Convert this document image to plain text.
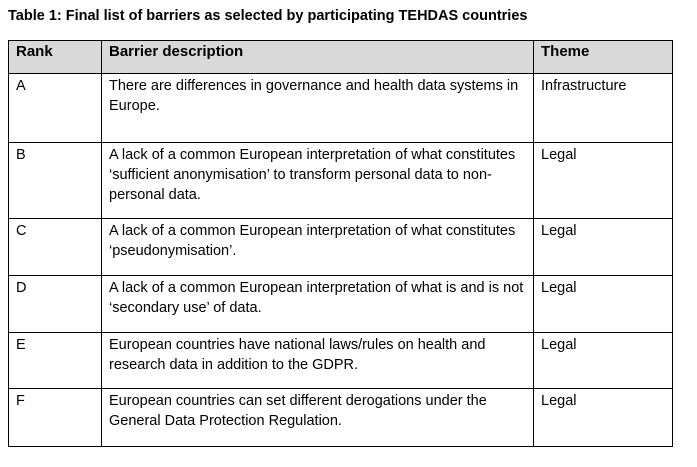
Table 1: Final list of barriers as selected by participating TEHDAS countries
Rank	Barrier description	Theme
A	There are differences in governance and health data systems in Europe.	Infrastructure
B	A lack of a common European interpretation of what constitutes ‘sufficient anonymisation’ to transform personal data to non-personal data.	Legal
C	A lack of a common European interpretation of what constitutes ‘pseudonymisation’.	Legal
D	A lack of a common European interpretation of what is and is not ‘secondary use’ of data.	Legal
E	European countries have national laws/rules on health and research data in addition to the GDPR.	Legal
F	European countries can set different derogations under the General Data Protection Regulation.	Legal
